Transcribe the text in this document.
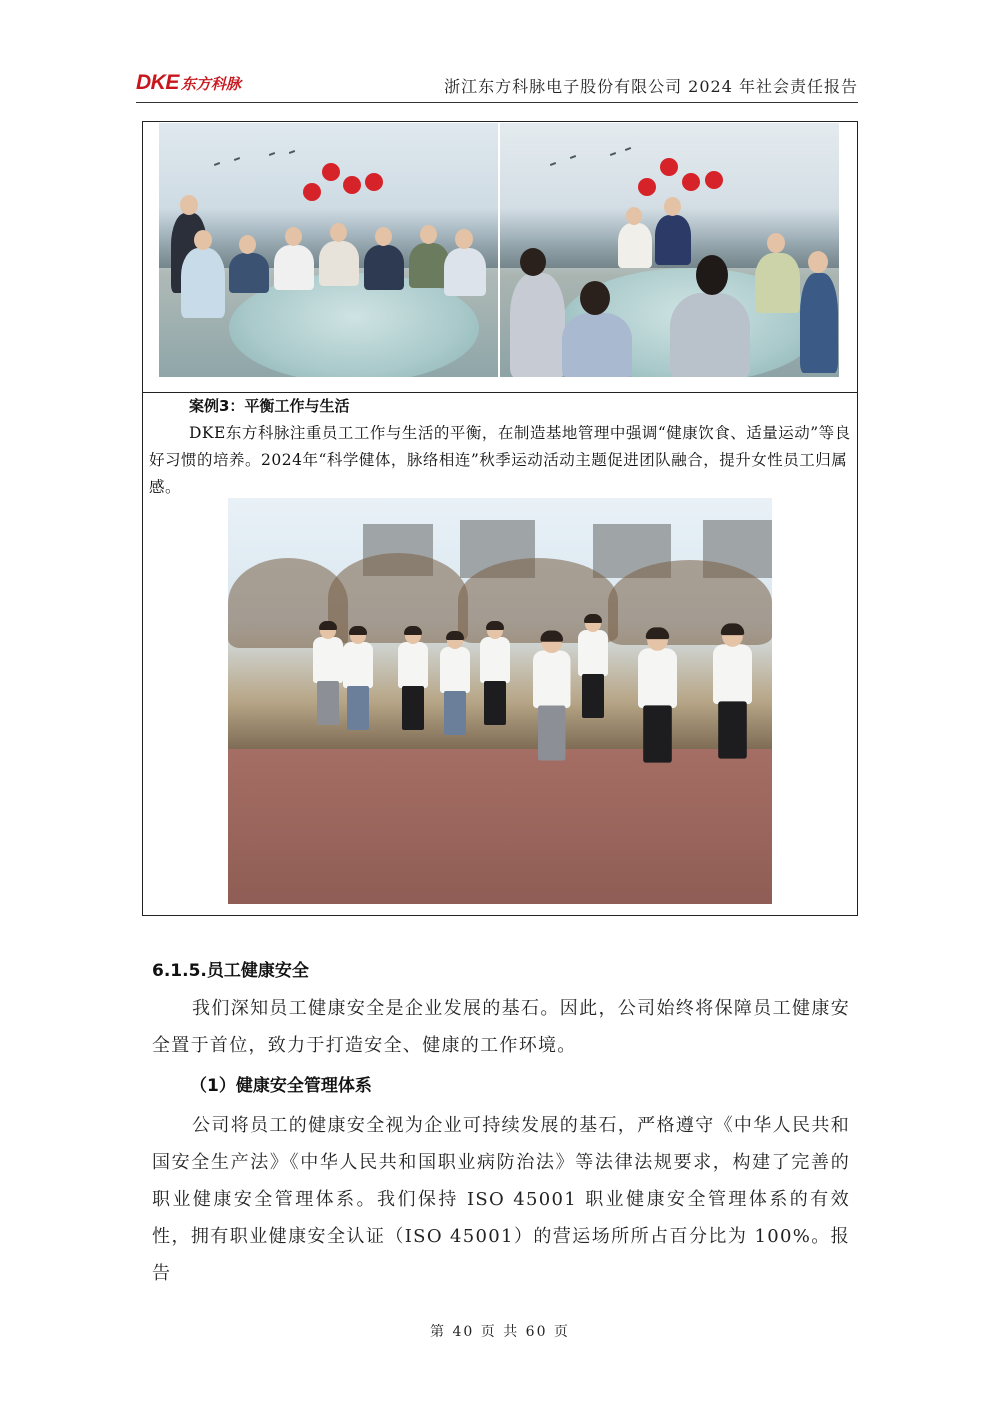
DKE 东方科脉	浙江东方科脉电子股份有限公司 2024 年社会责任报告
案例3：平衡工作与生活
DKE东方科脉注重员工工作与生活的平衡，在制造基地管理中强调“健康饮食、适量运动”等良好习惯的培养。2024年“科学健体，脉络相连”秋季运动活动主题促进团队融合，提升女性员工归属感。
6.1.5.员工健康安全
我们深知员工健康安全是企业发展的基石。因此，公司始终将保障员工健康安全置于首位，致力于打造安全、健康的工作环境。
（1）健康安全管理体系
公司将员工的健康安全视为企业可持续发展的基石，严格遵守《中华人民共和国安全生产法》《中华人民共和国职业病防治法》等法律法规要求，构建了完善的职业健康安全管理体系。我们保持 ISO 45001 职业健康安全管理体系的有效性，拥有职业健康安全认证（ISO 45001）的营运场所所占百分比为 100%。报告
第 40 页 共 60 页
